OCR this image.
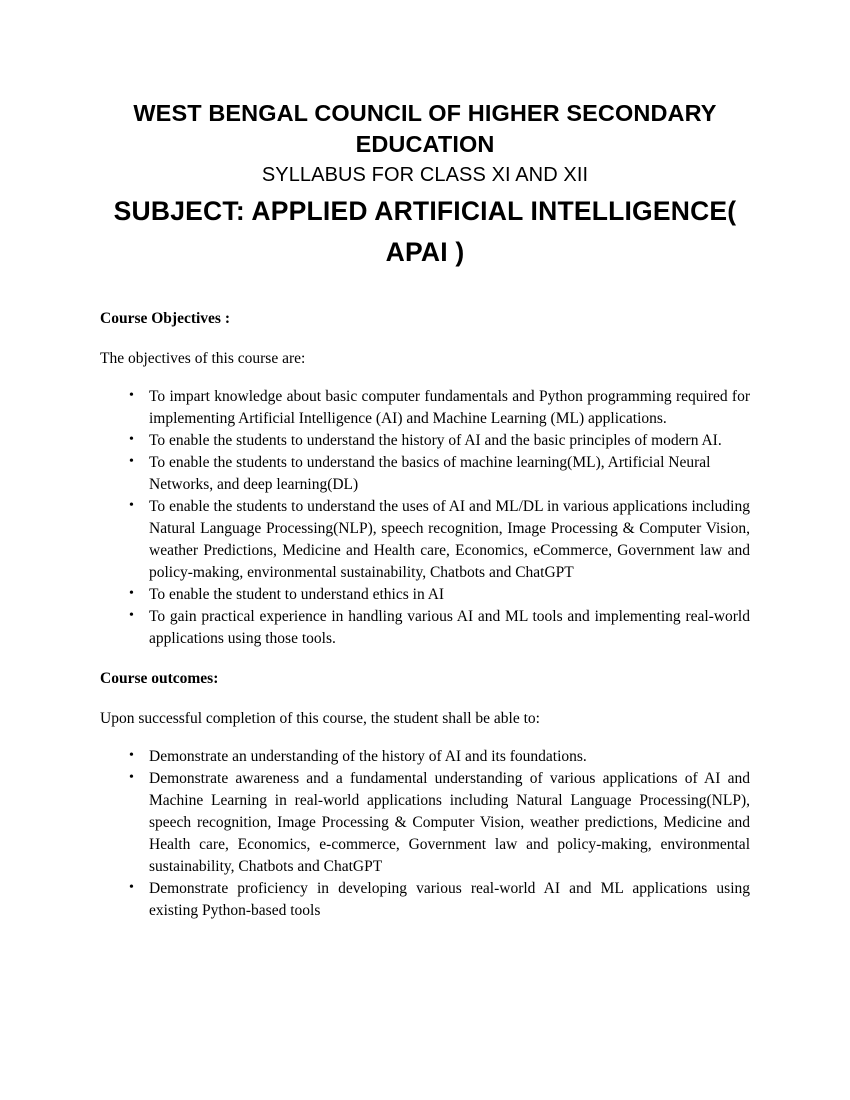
WEST BENGAL COUNCIL OF HIGHER SECONDARY EDUCATION
SYLLABUS FOR CLASS XI AND XII
SUBJECT: APPLIED ARTIFICIAL INTELLIGENCE( APAI )
Course Objectives :
The objectives of this course are:
• To impart knowledge about basic computer fundamentals and Python programming required for implementing Artificial Intelligence (AI) and Machine Learning (ML) applications.
• To enable the students to understand the history of AI and the basic principles of modern AI.
• To enable the students to understand the basics of machine learning(ML), Artificial Neural Networks, and deep learning(DL)
• To enable the students to understand the uses of AI and ML/DL in various applications including Natural Language Processing(NLP), speech recognition, Image Processing & Computer Vision, weather Predictions, Medicine and Health care, Economics, eCommerce, Government law and policy-making, environmental sustainability, Chatbots and ChatGPT
• To enable the student to understand ethics in AI
• To gain practical experience in handling various AI and ML tools and implementing real-world applications using those tools.
Course outcomes:
Upon successful completion of this course, the student shall be able to:
• Demonstrate an understanding of the history of AI and its foundations.
• Demonstrate awareness and a fundamental understanding of various applications of AI and Machine Learning in real-world applications including Natural Language Processing(NLP), speech recognition, Image Processing & Computer Vision, weather predictions, Medicine and Health care, Economics, e-commerce, Government law and policy-making, environmental sustainability, Chatbots and ChatGPT
• Demonstrate proficiency in developing various real-world AI and ML applications using existing Python-based tools
